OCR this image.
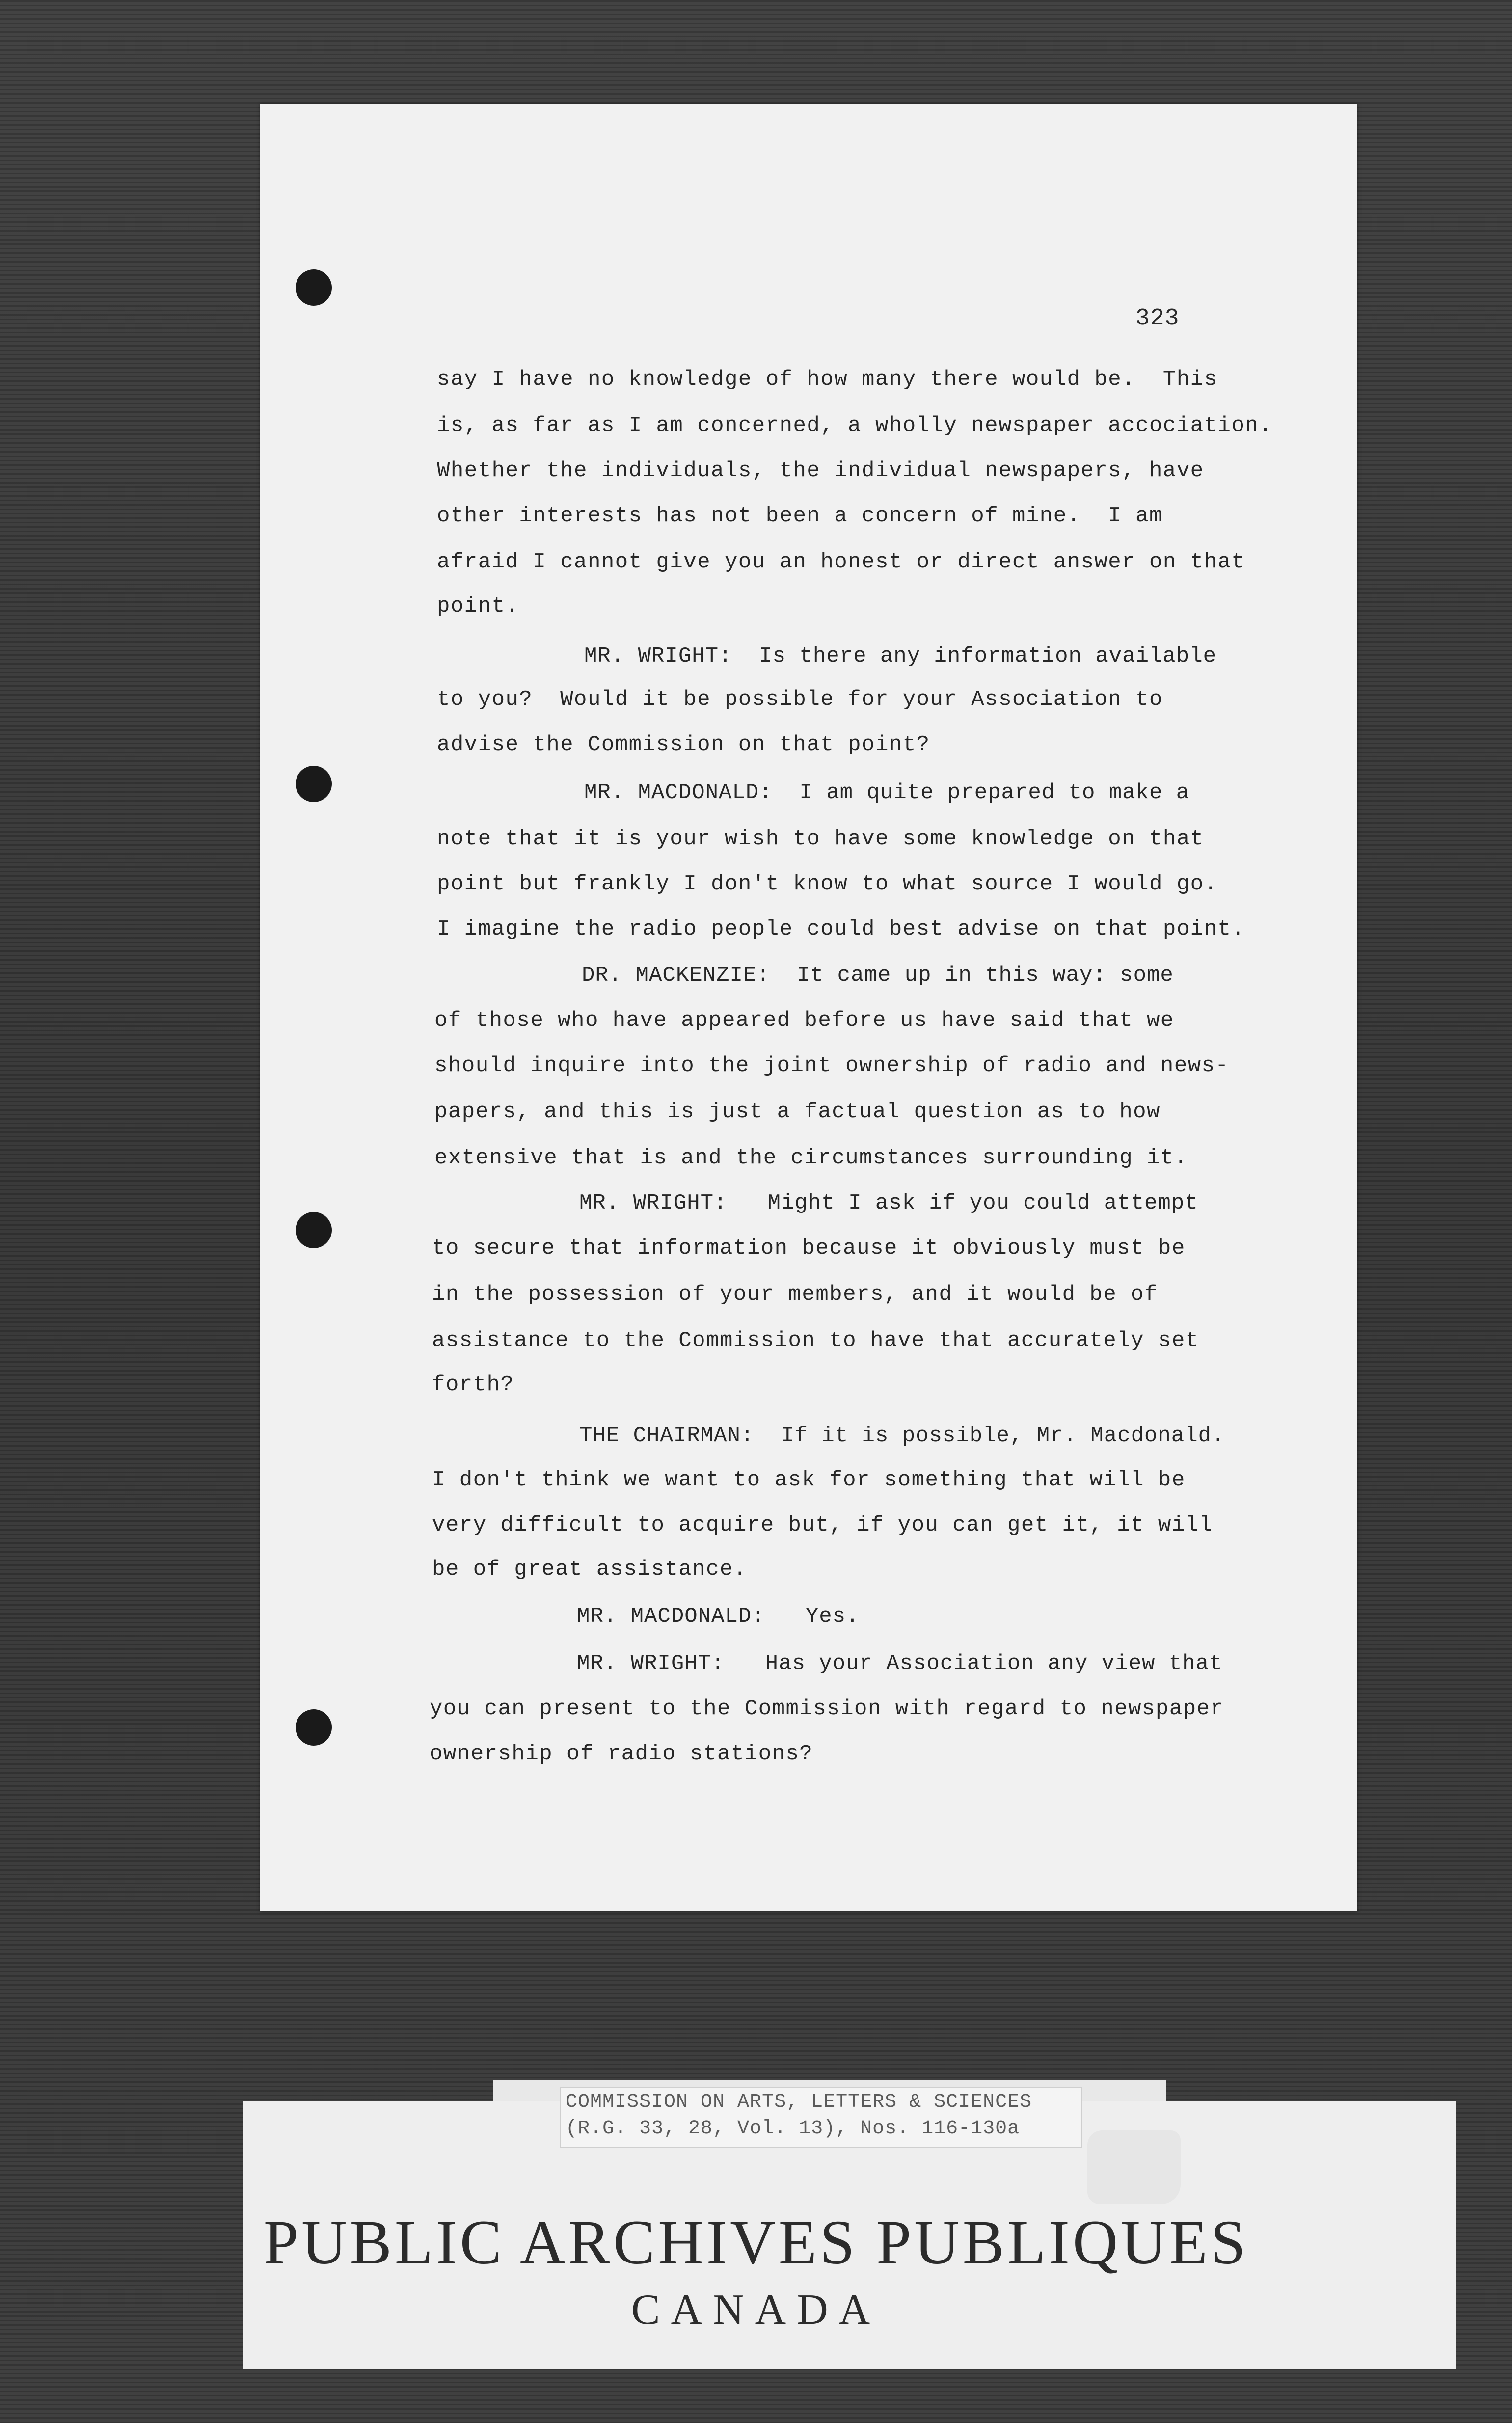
323
say I have no knowledge of how many there would be.  This
is, as far as I am concerned, a wholly newspaper accociation.
Whether the individuals, the individual newspapers, have
other interests has not been a concern of mine.  I am
afraid I cannot give you an honest or direct answer on that
point.
MR. WRIGHT:  Is there any information available
to you?  Would it be possible for your Association to
advise the Commission on that point?
MR. MACDONALD:  I am quite prepared to make a
note that it is your wish to have some knowledge on that
point but frankly I don't know to what source I would go.
I imagine the radio people could best advise on that point.
DR. MACKENZIE:  It came up in this way: some
of those who have appeared before us have said that we
should inquire into the joint ownership of radio and news-
papers, and this is just a factual question as to how
extensive that is and the circumstances surrounding it.
MR. WRIGHT:   Might I ask if you could attempt
to secure that information because it obviously must be
in the possession of your members, and it would be of
assistance to the Commission to have that accurately set
forth?
THE CHAIRMAN:  If it is possible, Mr. Macdonald.
I don't think we want to ask for something that will be
very difficult to acquire but, if you can get it, it will
be of great assistance.
MR. MACDONALD:   Yes.
MR. WRIGHT:   Has your Association any view that
you can present to the Commission with regard to newspaper
ownership of radio stations?
COMMISSION ON ARTS, LETTERS & SCIENCES
(R.G. 33, 28, Vol. 13), Nos. 116-130a
PUBLIC ARCHIVES PUBLIQUES
CANADA
